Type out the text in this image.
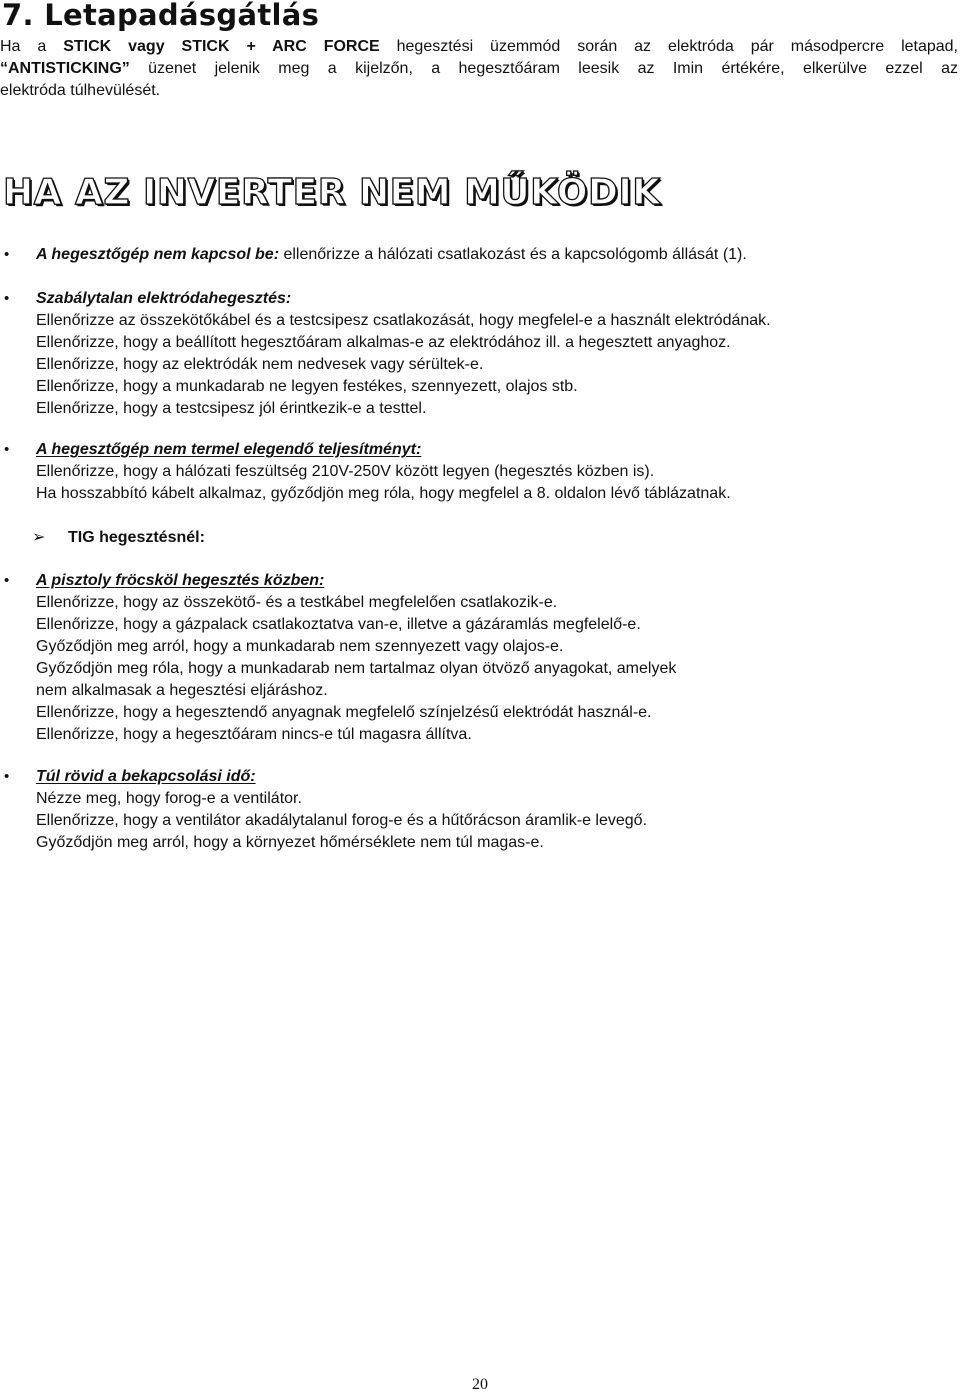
7. Letapadásgátlás
Ha a STICK vagy STICK + ARC FORCE hegesztési üzemmód során az elektróda pár másodpercre letapad,
“ANTISTICKING” üzenet jelenik meg a kijelzőn, a hegesztőáram leesik az Imin értékére, elkerülve ezzel az
elektróda túlhevülését.
HA AZ INVERTER NEM MŰKÖDIK
• A hegesztőgép nem kapcsol be: ellenőrizze a hálózati csatlakozást és a kapcsológomb állását (1).
• Szabálytalan elektródahegesztés:
Ellenőrizze az összekötőkábel és a testcsipesz csatlakozását, hogy megfelel-e a használt elektródának.
Ellenőrizze, hogy a beállított hegesztőáram alkalmas-e az elektródához ill. a hegesztett anyaghoz.
Ellenőrizze, hogy az elektródák nem nedvesek vagy sérültek-e.
Ellenőrizze, hogy a munkadarab ne legyen festékes, szennyezett, olajos stb.
Ellenőrizze, hogy a testcsipesz jól érintkezik-e a testtel.
• A hegesztőgép nem termel elegendő teljesítményt:
Ellenőrizze, hogy a hálózati feszültség 210V-250V között legyen (hegesztés közben is).
Ha hosszabbító kábelt alkalmaz, győződjön meg róla, hogy megfelel a 8. oldalon lévő táblázatnak.
➢ TIG hegesztésnél:
• A pisztoly fröcsköl hegesztés közben:
Ellenőrizze, hogy az összekötő- és a testkábel megfelelően csatlakozik-e.
Ellenőrizze, hogy a gázpalack csatlakoztatva van-e, illetve a gázáramlás megfelelő-e.
Győződjön meg arról, hogy a munkadarab nem szennyezett vagy olajos-e.
Győződjön meg róla, hogy a munkadarab nem tartalmaz olyan ötvöző anyagokat, amelyek
nem alkalmasak a hegesztési eljáráshoz.
Ellenőrizze, hogy a hegesztendő anyagnak megfelelő színjelzésű elektródát használ-e.
Ellenőrizze, hogy a hegesztőáram nincs-e túl magasra állítva.
• Túl rövid a bekapcsolási idő:
Nézze meg, hogy forog-e a ventilátor.
Ellenőrizze, hogy a ventilátor akadálytalanul forog-e és a hűtőrácson áramlik-e levegő.
Győződjön meg arról, hogy a környezet hőmérséklete nem túl magas-e.
20
